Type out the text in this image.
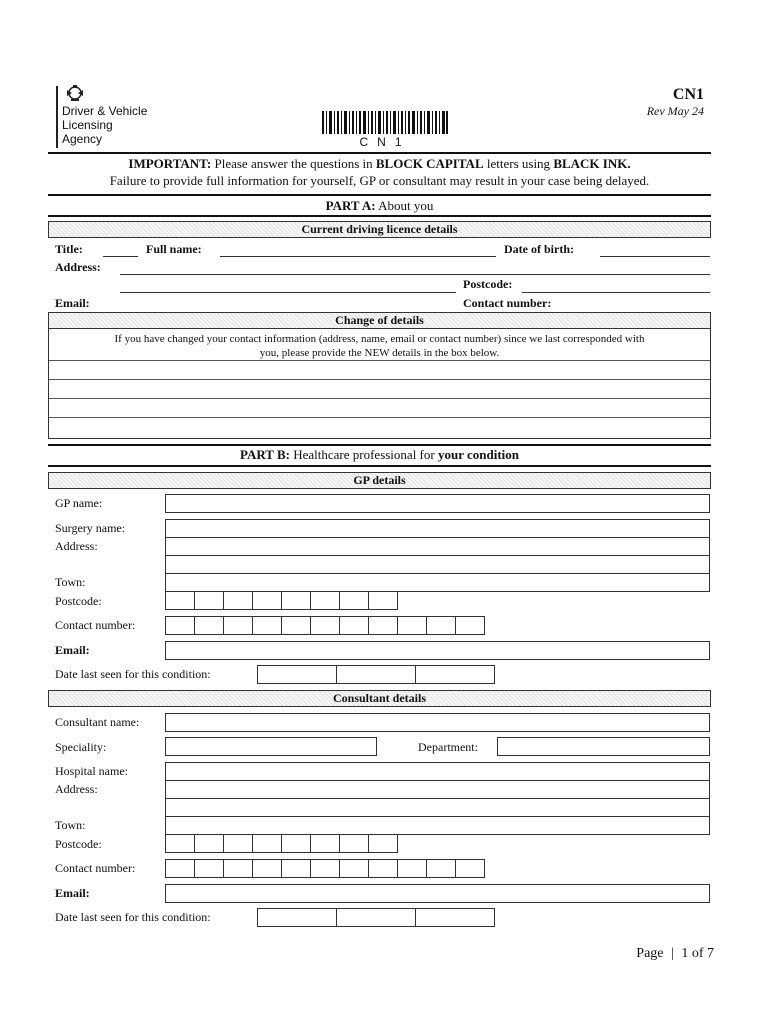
Driver & Vehicle
Licensing
Agency	CN1
CN1
Rev May 24
IMPORTANT: Please answer the questions in BLOCK CAPITAL letters using BLACK INK.
Failure to provide full information for yourself, GP or consultant may result in your case being delayed.
PART A: About you
Current driving licence details
Title:	Full name:	Date of birth:
Address:
Postcode:
Email:	Contact number:
Change of details
If you have changed your contact information (address, name, email or contact number) since we last corresponded with
you, please provide the NEW details in the box below.
PART B: Healthcare professional for your condition
GP details
GP name:
Surgery name:
Address:
Town:
Postcode:
Contact number:
Email:
Date last seen for this condition:
Consultant details
Consultant name:
Speciality:	Department:
Hospital name:
Address:
Town:
Postcode:
Contact number:
Email:
Date last seen for this condition:
Page | 1 of 7
